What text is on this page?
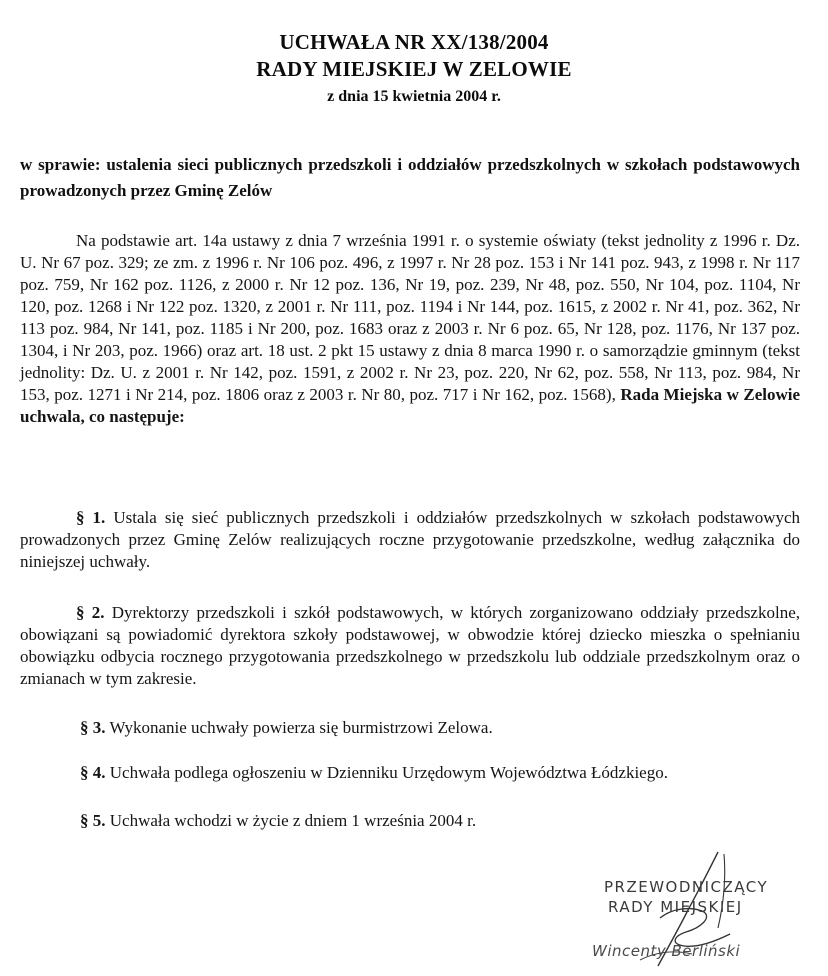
UCHWAŁA NR XX/138/2004
RADY MIEJSKIEJ W ZELOWIE
z dnia 15 kwietnia 2004 r.
w sprawie: ustalenia sieci publicznych przedszkoli i oddziałów przedszkolnych w szkołach podstawowych prowadzonych przez Gminę Zelów
Na podstawie art. 14a ustawy z dnia 7 września 1991 r. o systemie oświaty (tekst jednolity z 1996 r. Dz. U. Nr 67 poz. 329; ze zm. z 1996 r. Nr 106 poz. 496, z 1997 r. Nr 28 poz. 153 i Nr 141 poz. 943, z 1998 r. Nr 117 poz. 759, Nr 162 poz. 1126, z 2000 r. Nr 12 poz. 136, Nr 19, poz. 239, Nr 48, poz. 550, Nr 104, poz. 1104, Nr 120, poz. 1268 i Nr 122 poz. 1320, z 2001 r. Nr 111, poz. 1194 i Nr 144, poz. 1615, z 2002 r. Nr 41, poz. 362, Nr 113 poz. 984, Nr 141, poz. 1185 i Nr 200, poz. 1683 oraz z 2003 r. Nr 6 poz. 65, Nr 128, poz. 1176, Nr 137 poz. 1304, i Nr 203, poz. 1966) oraz art. 18 ust. 2 pkt 15 ustawy z dnia 8 marca 1990 r. o samorządzie gminnym (tekst jednolity: Dz. U. z 2001 r. Nr 142, poz. 1591, z 2002 r. Nr 23, poz. 220, Nr 62, poz. 558, Nr 113, poz. 984, Nr 153, poz. 1271 i Nr 214, poz. 1806 oraz z 2003 r. Nr 80, poz. 717 i Nr 162, poz. 1568), Rada Miejska w Zelowie uchwala, co następuje:
§ 1. Ustala się sieć publicznych przedszkoli i oddziałów przedszkolnych w szkołach podstawowych prowadzonych przez Gminę Zelów realizujących roczne przygotowanie przedszkolne, według załącznika do niniejszej uchwały.
§ 2. Dyrektorzy przedszkoli i szkół podstawowych, w których zorganizowano oddziały przedszkolne, obowiązani są powiadomić dyrektora szkoły podstawowej, w obwodzie której dziecko mieszka o spełnianiu obowiązku odbycia rocznego przygotowania przedszkolnego w przedszkolu lub oddziale przedszkolnym oraz o zmianach w tym zakresie.
§ 3. Wykonanie uchwały powierza się burmistrzowi Zelowa.
§ 4. Uchwała podlega ogłoszeniu w Dzienniku Urzędowym Województwa Łódzkiego.
§ 5. Uchwała wchodzi w życie z dniem 1 września 2004 r.
PRZEWODNICZĄCY
RADY MIEJSKIEJ
Wincenty Berliński
